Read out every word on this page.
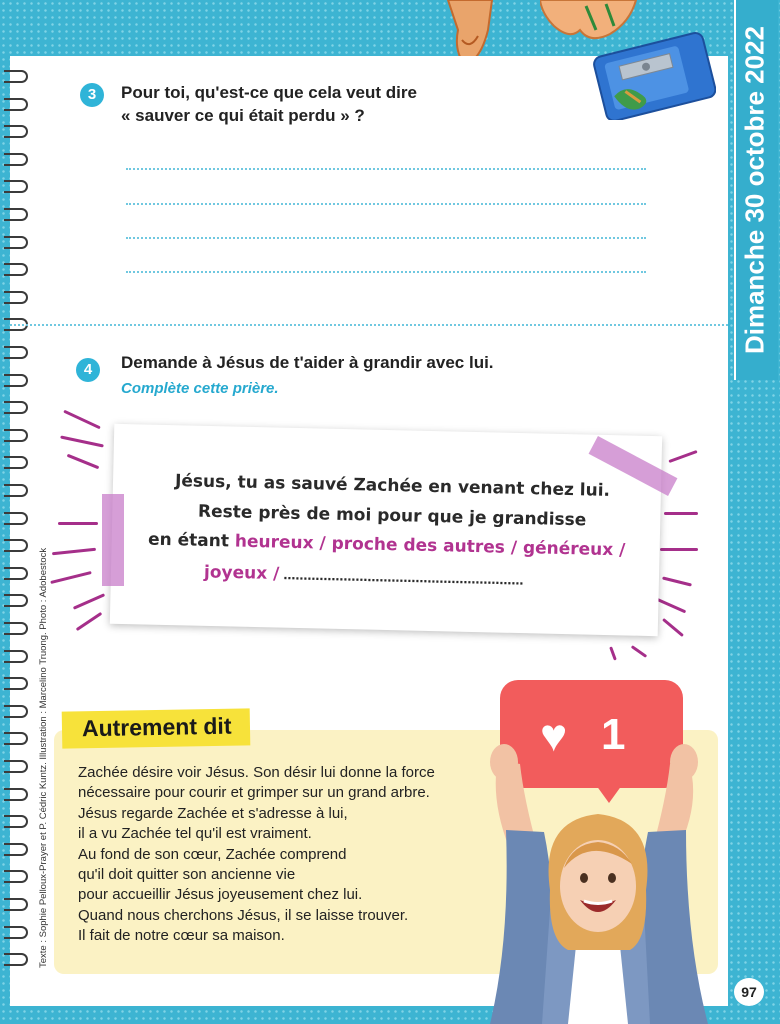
Dimanche 30 octobre 2022
3	Pour toi, qu'est-ce que cela veut dire
« sauver ce qui était perdu » ?
4	Demande à Jésus de t'aider à grandir avec lui.
Complète cette prière.
Jésus, tu as sauvé Zachée en venant chez lui.
Reste près de moi pour que je grandisse
en étant heureux / proche des autres / généreux /
joyeux / ……………………………………………………
Autrement dit
Zachée désire voir Jésus. Son désir lui donne la force
nécessaire pour courir et grimper sur un grand arbre.
Jésus regarde Zachée et s'adresse à lui,
il a vu Zachée tel qu'il est vraiment.
Au fond de son cœur, Zachée comprend
qu'il doit quitter son ancienne vie
pour accueillir Jésus joyeusement chez lui.
Quand nous cherchons Jésus, il se laisse trouver.
Il fait de notre cœur sa maison.
♥ 1
Texte : Sophie Pelloux-Prayer et P. Cédric Kuntz. Illustration : Marcelino Truong. Photo : Adobestock
97
